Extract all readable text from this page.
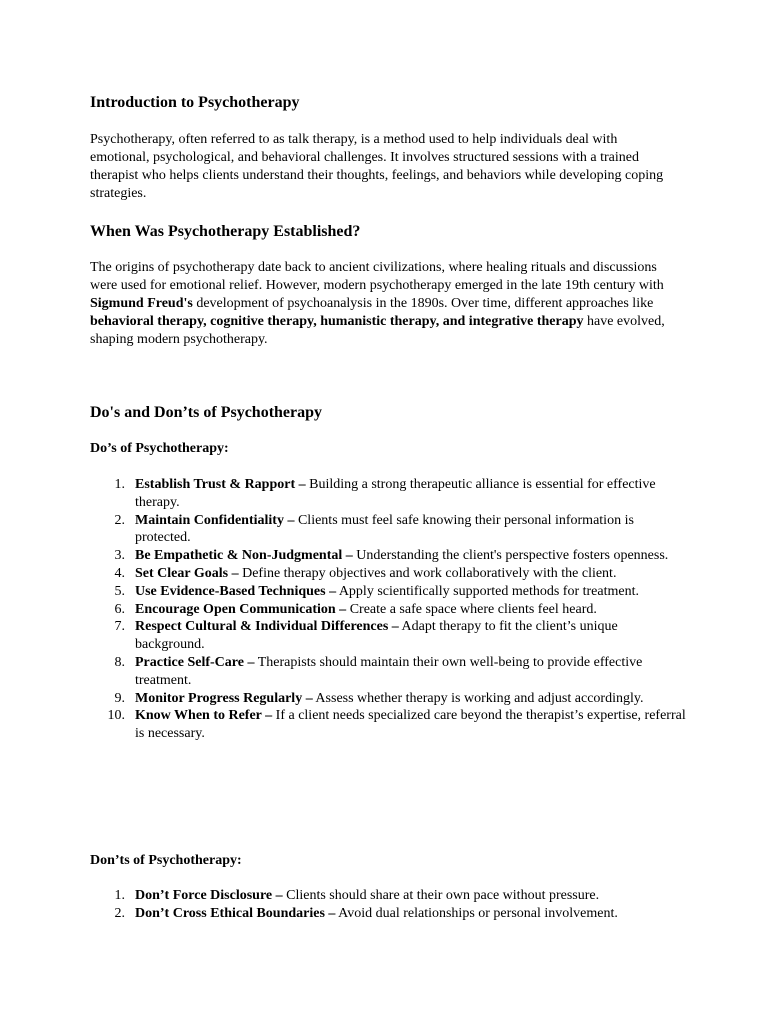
Introduction to Psychotherapy

Psychotherapy, often referred to as talk therapy, is a method used to help individuals deal with emotional, psychological, and behavioral challenges. It involves structured sessions with a trained therapist who helps clients understand their thoughts, feelings, and behaviors while developing coping strategies.

When Was Psychotherapy Established?

The origins of psychotherapy date back to ancient civilizations, where healing rituals and discussions were used for emotional relief. However, modern psychotherapy emerged in the late 19th century with Sigmund Freud's development of psychoanalysis in the 1890s. Over time, different approaches like behavioral therapy, cognitive therapy, humanistic therapy, and integrative therapy have evolved, shaping modern psychotherapy.

Do's and Don’ts of Psychotherapy
Do’s of Psychotherapy:
1. Establish Trust & Rapport – Building a strong therapeutic alliance is essential for effective therapy.
2. Maintain Confidentiality – Clients must feel safe knowing their personal information is protected.
3. Be Empathetic & Non-Judgmental – Understanding the client's perspective fosters openness.
4. Set Clear Goals – Define therapy objectives and work collaboratively with the client.
5. Use Evidence-Based Techniques – Apply scientifically supported methods for treatment.
6. Encourage Open Communication – Create a safe space where clients feel heard.
7. Respect Cultural & Individual Differences – Adapt therapy to fit the client’s unique background.
8. Practice Self-Care – Therapists should maintain their own well-being to provide effective treatment.
9. Monitor Progress Regularly – Assess whether therapy is working and adjust accordingly.
10. Know When to Refer – If a client needs specialized care beyond the therapist’s expertise, referral is necessary.
Don’ts of Psychotherapy:
1. Don’t Force Disclosure – Clients should share at their own pace without pressure.
2. Don’t Cross Ethical Boundaries – Avoid dual relationships or personal involvement.
